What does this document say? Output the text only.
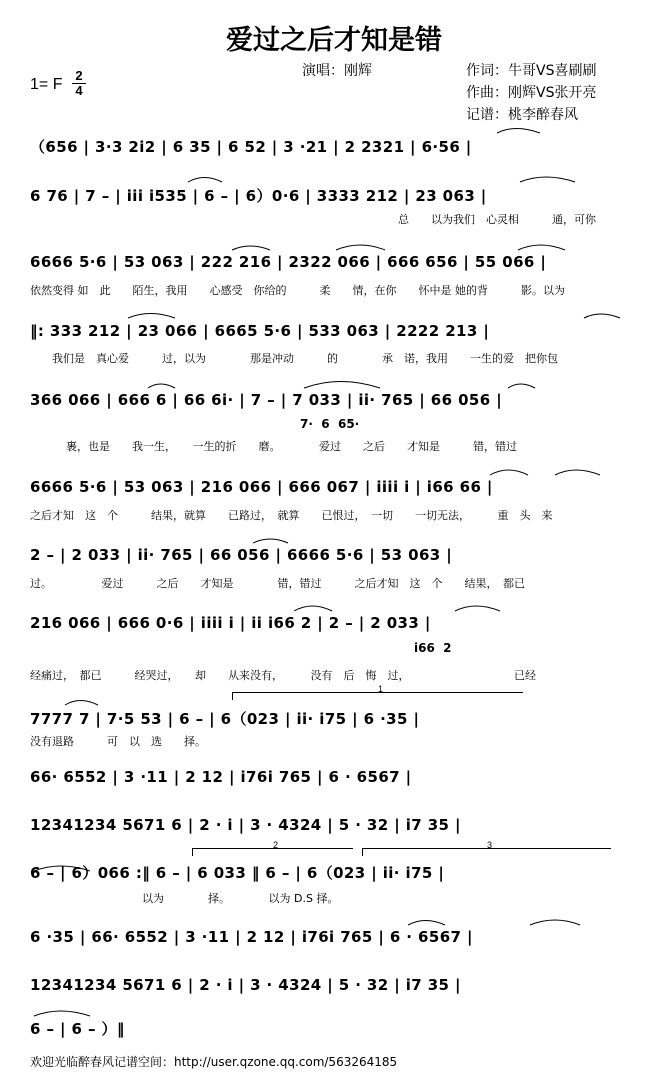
爱过之后才知是错
1= F
2
4
演唱：刚辉	作词：牛哥VS喜刷刷
作曲：刚辉VS张开亮
记谱：桃李醉春风
（656 | 3·3 2i2 | 6 35 | 6 52 | 3 ·21 | 2 2321 | 6·56 |
6 76 | 7 – | iii i535 | 6 – | 6）0·6 | 3333 212 | 23 063 |
总　　以为我们　心灵相　　　通，可你
6666 5·6 | 53 063 | 222 216 | 2322 066 | 666 656 | 55 066 |
依然变得 如　此　　陌生，我用　　心感受　你给的　　　柔　　情，在你　　怀中是 她的背　　　影。以为
‖: 333 212 | 23 066 | 6665 5·6 | 533 063 | 2222 213 |
我们是　真心爱　　　过，以为　　　　那是冲动　　　的　　　　承　诺，我用　　一生的爱　把你包
366 066 | 666 6 | 66 6i· | 7 – | 7 033 | ii· 765 | 66 056 |
7·  6  65·
裹，也是　　我一生，　　一生的折　　磨。　　　　爱过　　之后　　才知是　　　错，错过
6666 5·6 | 53 063 | 216 066 | 666 067 | iiii i | i66 66 |
之后才知　这　个　　　结果，就算　　已路过，　就算　　已恨过，　一切　　一切无法，　　　重　头　来
2 – | 2 033 | ii· 765 | 66 056 | 6666 5·6 | 53 063 |
过。　　　　　爱过　　　之后　　才知是　　　　错，错过　　　之后才知　这　个　　结果，　都已
216 066 | 666 0·6 | iiii i | ii i66 2 | 2 – | 2 033 |
i66  2
经痛过，　都已　　　经哭过，　　却　　从来没有，　　　没有　后　悔　过，　　　　　　　　　　已经
1
7777 7 | 7·5 53 | 6 – | 6（023 | ii· i75 | 6 ·35 |
没有退路　　　可　以　选　　择。
66· 6552 | 3 ·11 | 2 12 | i76i 765 | 6 · 6567 |
12341234 5671 6 | 2 · i | 3 · 4324 | 5 · 32 | i7 35 |
2	3
6 – | 6）066 :‖ 6 – | 6 033 ‖ 6 – | 6（023 | ii· i75 |
以为　　　　择。　　　　以为 D.S 择。
6 ·35 | 66· 6552 | 3 ·11 | 2 12 | i76i 765 | 6 · 6567 |
12341234 5671 6 | 2 · i | 3 · 4324 | 5 · 32 | i7 35 |
6 – | 6 – ）‖
欢迎光临醉春风记谱空间：http://user.qzone.qq.com/563264185
